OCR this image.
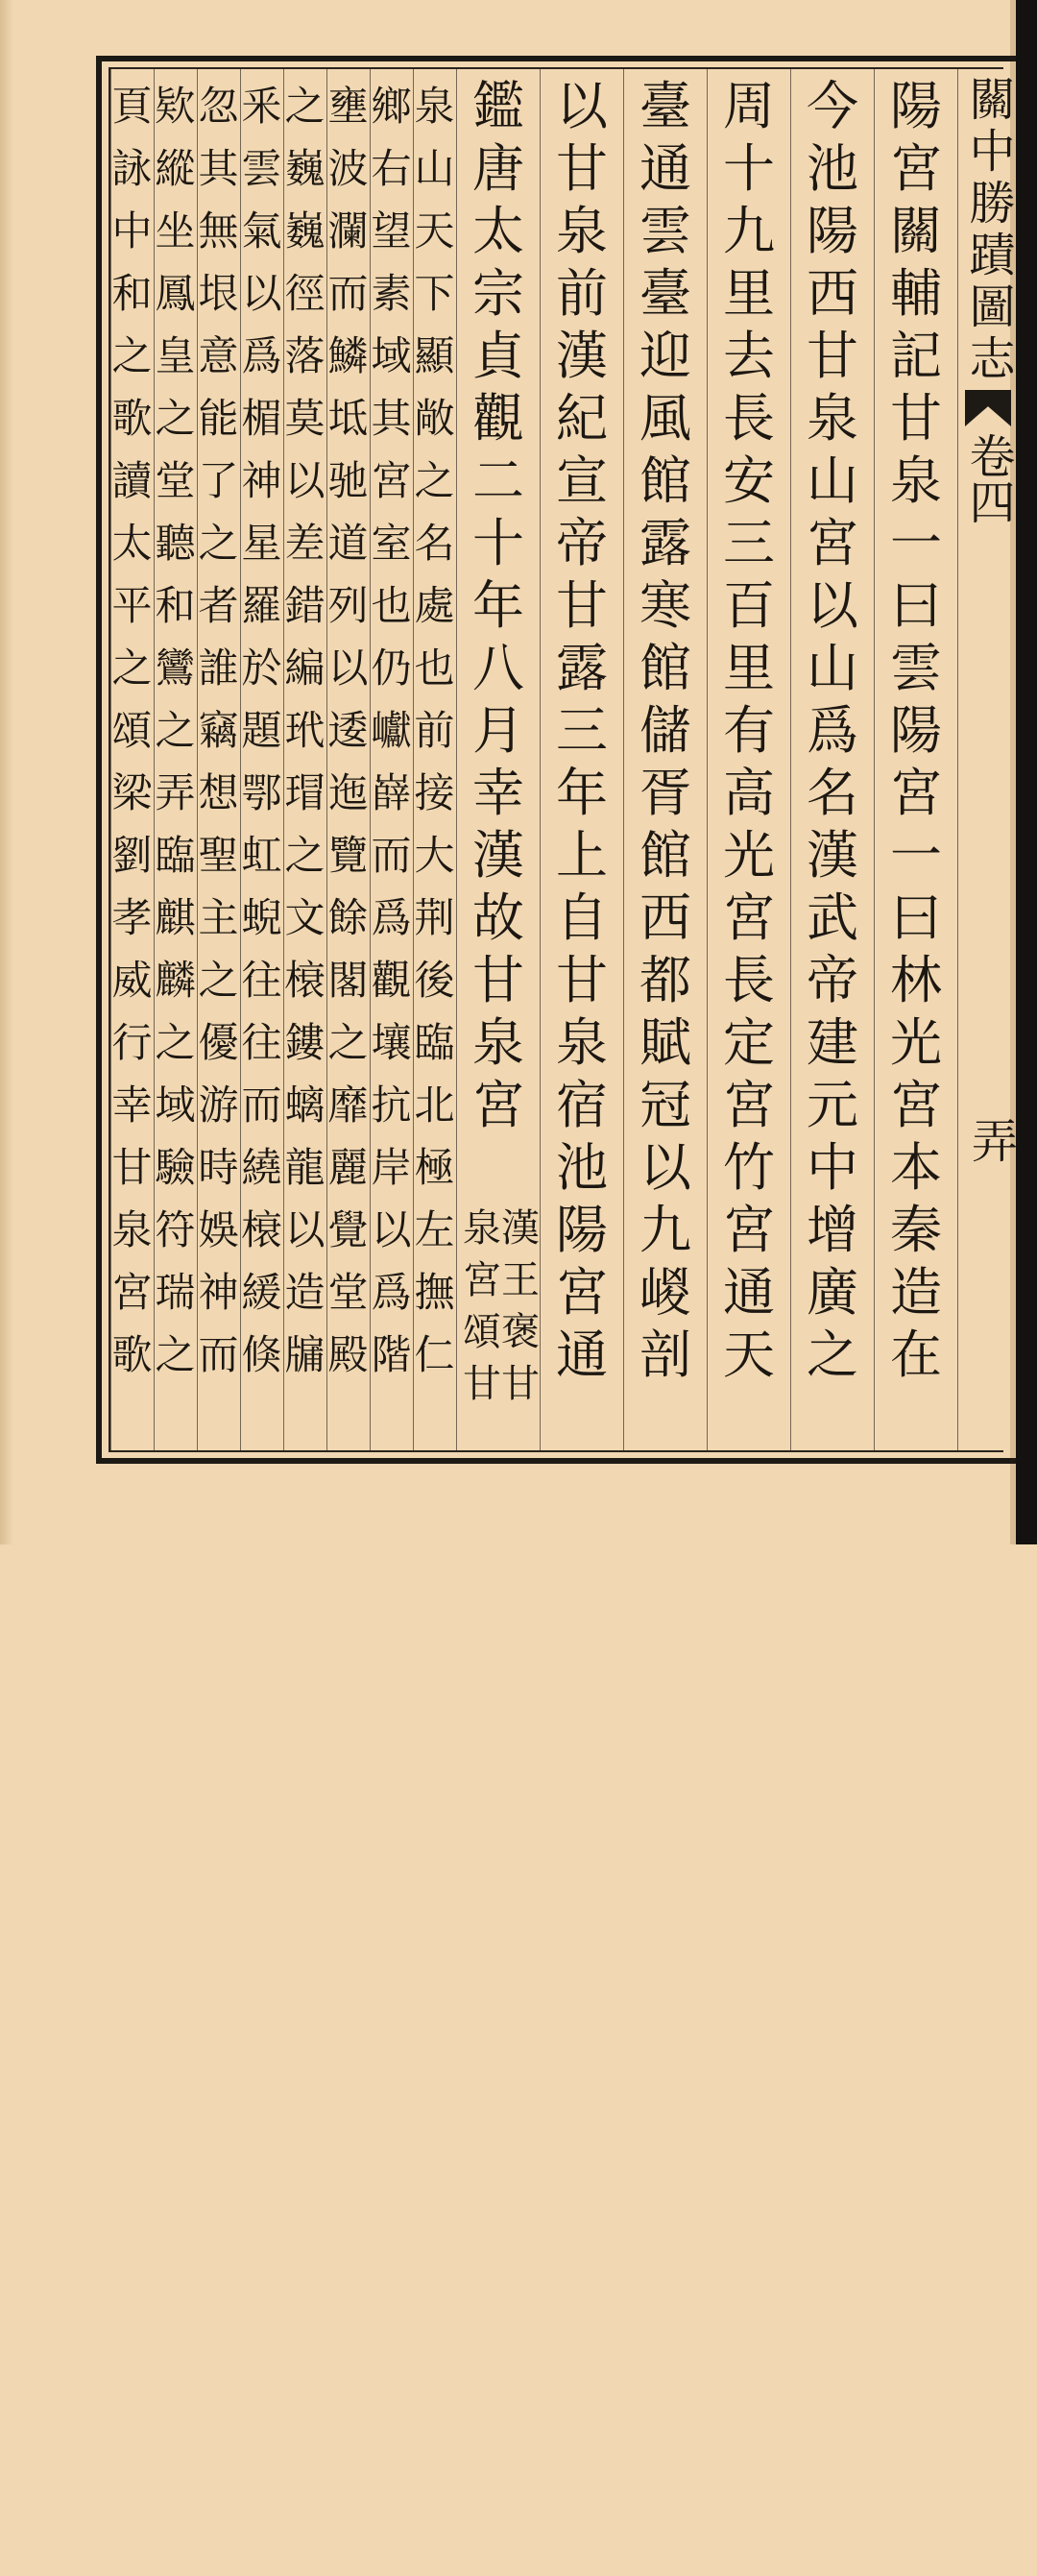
關中勝蹟圖志
卷四
弄
陽
宮
關
輔
記
甘
泉
一
曰
雲
陽
宮
一
曰
林
光
宮
本
秦
造
在
今
池
陽
西
甘
泉
山
宮
以
山
爲
名
漢
武
帝
建
元
中
增
廣
之
周
十
九
里
去
長
安
三
百
里
有
高
光
宮
長
定
宮
竹
宮
通
天
臺
通
雲
臺
迎
風
館
露
寒
館
儲
胥
館
西
都
賦
冠
以
九
嵕
剖
以
甘
泉
前
漢
紀
宣
帝
甘
露
三
年
上
自
甘
泉
宿
池
陽
宮
通
鑑
唐
太
宗
貞
觀
二
十
年
八
月
幸
漢
故
甘
泉
宮
泉
山
天
下
顯
敞
之
名
處
也
前
接
大
荆
後
臨
北
極
左
撫
仁
鄉
右
望
素
域
其
宮
室
也
仍
巘
嶭
而
爲
觀
壤
抗
岸
以
爲
階
壅
波
瀾
而
鱗
坻
驰
道
列
以
逶
迤
覽
餘
閣
之
靡
麗
覺
堂
殿
之
巍
巍
徑
落
莫
以
差
錯
編
玳
瑁
之
文
榱
鏤
螭
龍
以
造
牖
釆
雲
氣
以
爲
楣
神
星
羅
於
題
鄂
虹
蜺
往
往
而
繞
榱
緩
倏
忽
其
無
垠
意
能
了
之
者
誰
竊
想
聖
主
之
優
游
時
娛
神
而
欵
縱
坐
鳳
皇
之
堂
聽
和
鸞
之
弄
臨
麒
麟
之
域
驗
符
瑞
之
頁
詠
中
和
之
歌
讀
太
平
之
頌
梁
劉
孝
威
行
幸
甘
泉
宮
歌
漢
王
褒
甘
泉
宮
頌
甘
